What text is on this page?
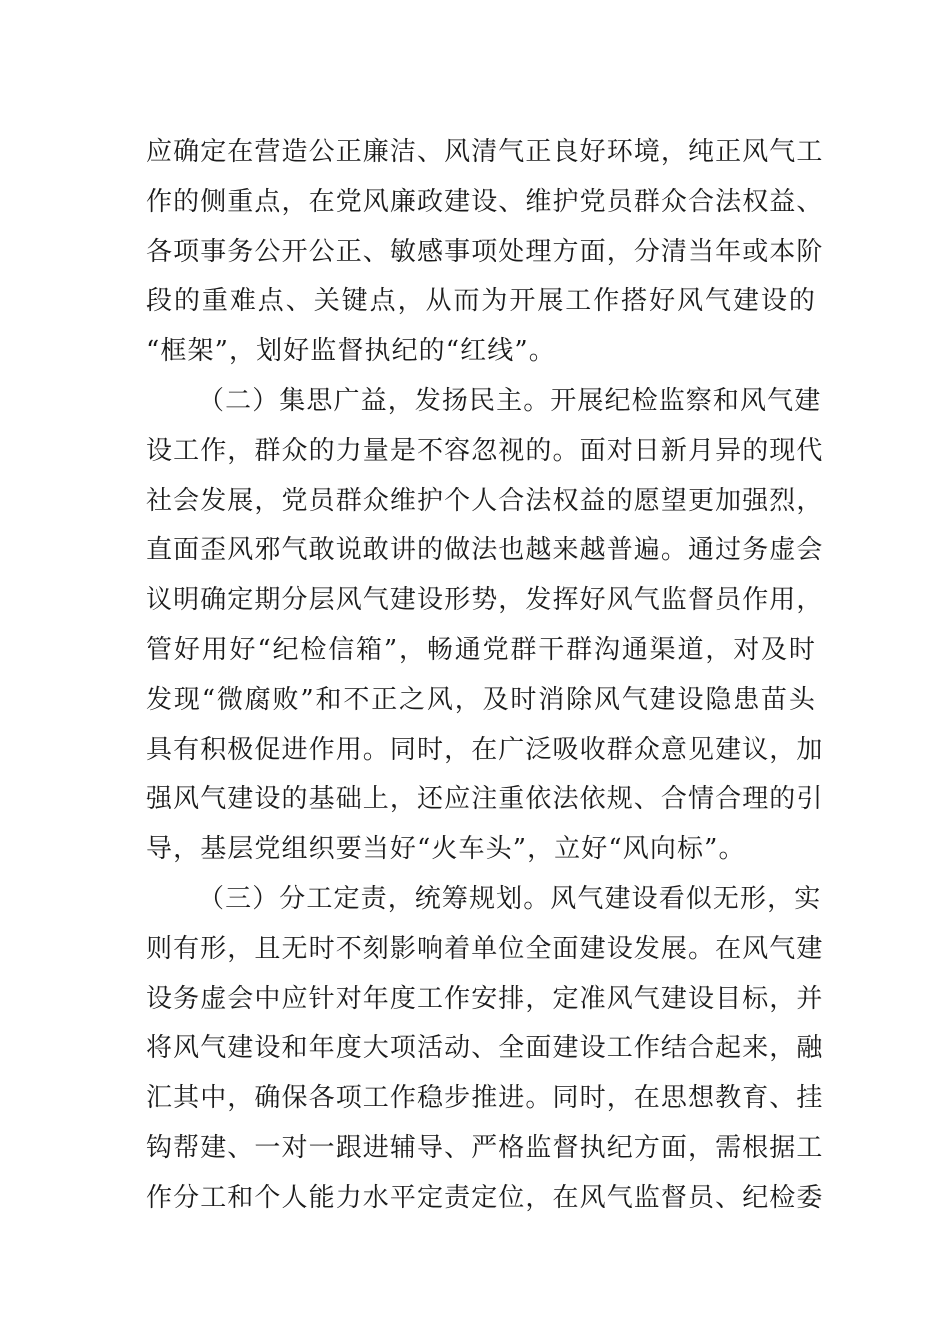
应确定在营造公正廉洁、风清气正良好环境，纯正风气工
作的侧重点，在党风廉政建设、维护党员群众合法权益、
各项事务公开公正、敏感事项处理方面，分清当年或本阶
段的重难点、关键点，从而为开展工作搭好风气建设的
“框架”，划好监督执纪的“红线”。
（二）集思广益，发扬民主。开展纪检监察和风气建
设工作，群众的力量是不容忽视的。面对日新月异的现代
社会发展，党员群众维护个人合法权益的愿望更加强烈，
直面歪风邪气敢说敢讲的做法也越来越普遍。通过务虚会
议明确定期分层风气建设形势，发挥好风气监督员作用，
管好用好“纪检信箱”，畅通党群干群沟通渠道，对及时
发现“微腐败”和不正之风，及时消除风气建设隐患苗头
具有积极促进作用。同时，在广泛吸收群众意见建议，加
强风气建设的基础上，还应注重依法依规、合情合理的引
导，基层党组织要当好“火车头”，立好“风向标”。
（三）分工定责，统筹规划。风气建设看似无形，实
则有形，且无时不刻影响着单位全面建设发展。在风气建
设务虚会中应针对年度工作安排，定准风气建设目标，并
将风气建设和年度大项活动、全面建设工作结合起来，融
汇其中，确保各项工作稳步推进。同时，在思想教育、挂
钩帮建、一对一跟进辅导、严格监督执纪方面，需根据工
作分工和个人能力水平定责定位，在风气监督员、纪检委
